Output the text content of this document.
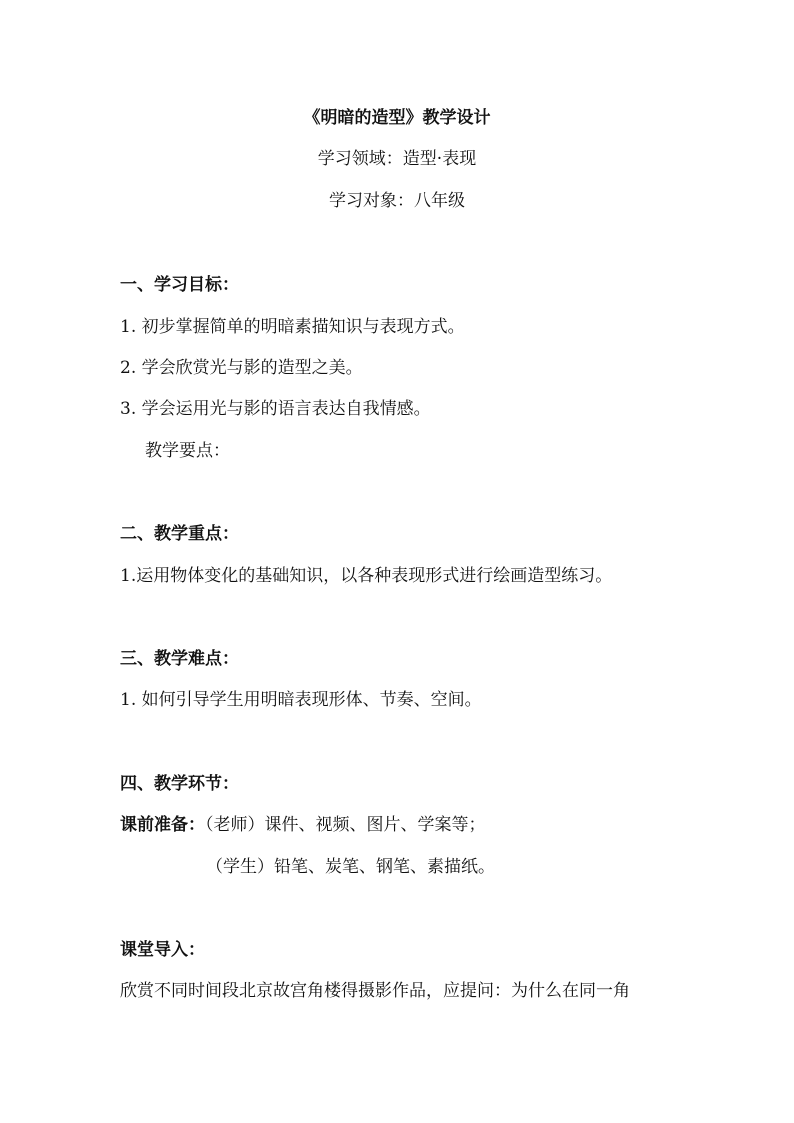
《明暗的造型》教学设计
学习领域：造型·表现
学习对象：八年级
一、学习目标：
1. 初步掌握简单的明暗素描知识与表现方式。
2. 学会欣赏光与影的造型之美。
3. 学会运用光与影的语言表达自我情感。
教学要点：
二、教学重点：
1.运用物体变化的基础知识，以各种表现形式进行绘画造型练习。
三、教学难点：
1. 如何引导学生用明暗表现形体、节奏、空间。
四、教学环节：
课前准备：（老师）课件、视频、图片、学案等；
（学生）铅笔、炭笔、钢笔、素描纸。
课堂导入：
欣赏不同时间段北京故宫角楼得摄影作品，应提问：为什么在同一角
